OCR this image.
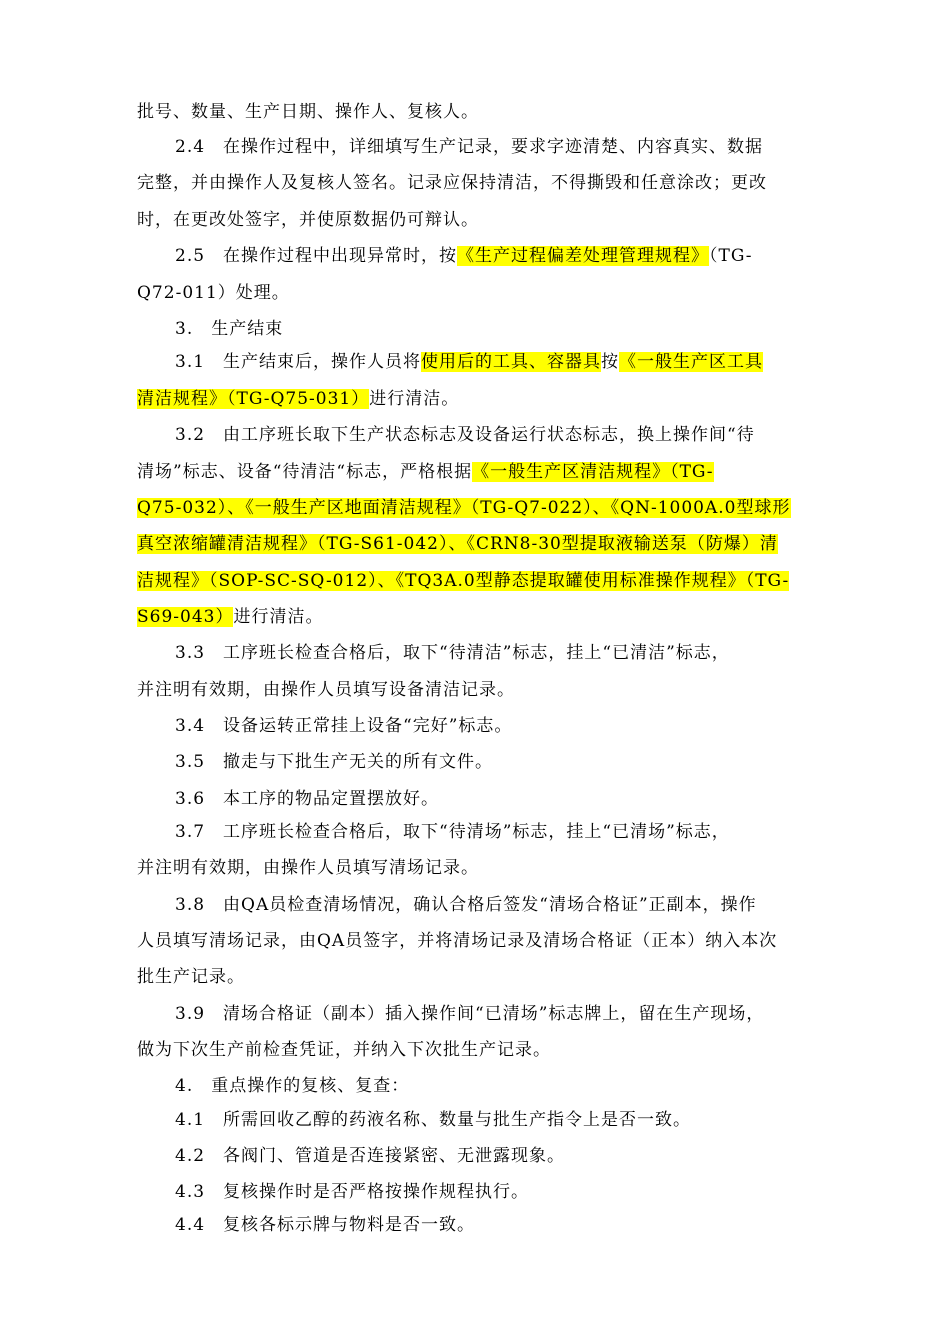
批号、数量、生产日期、操作人、复核人。
2.4　在操作过程中，详细填写生产记录，要求字迹清楚、内容真实、数据
完整，并由操作人及复核人签名。记录应保持清洁，不得撕毁和任意涂改；更改
时，在更改处签字，并使原数据仍可辩认。
2.5　在操作过程中出现异常时，按《生产过程偏差处理管理规程》（TG-
Q72-011）处理。
3.　生产结束
3.1　生产结束后，操作人员将使用后的工具、容器具按《一般生产区工具
清洁规程》（TG-Q75-031）进行清洁。
3.2　由工序班长取下生产状态标志及设备运行状态标志，换上操作间“待
清场”标志、设备“待清洁“标志，严格根据《一般生产区清洁规程》（TG-
Q75-032）、《一般生产区地面清洁规程》（TG-Q7-022）、《QN-1000A.0型球形
真空浓缩罐清洁规程》（TG-S61-042）、《CRN8-30型提取液输送泵（防爆）清
洁规程》（SOP-SC-SQ-012）、《TQ3A.0型静态提取罐使用标准操作规程》（TG-
S69-043）进行清洁。
3.3　工序班长检查合格后，取下“待清洁”标志，挂上“已清洁”标志，
并注明有效期，由操作人员填写设备清洁记录。
3.4　设备运转正常挂上设备“完好”标志。
3.5　撤走与下批生产无关的所有文件。
3.6　本工序的物品定置摆放好。
3.7　工序班长检查合格后，取下“待清场”标志，挂上“已清场”标志，
并注明有效期，由操作人员填写清场记录。
3.8　由QA员检查清场情况，确认合格后签发“清场合格证”正副本，操作
人员填写清场记录，由QA员签字，并将清场记录及清场合格证（正本）纳入本次
批生产记录。
3.9　清场合格证（副本）插入操作间“已清场”标志牌上，留在生产现场，
做为下次生产前检查凭证，并纳入下次批生产记录。
4.　重点操作的复核、复查：
4.1　所需回收乙醇的药液名称、数量与批生产指令上是否一致。
4.2　各阀门、管道是否连接紧密、无泄露现象。
4.3　复核操作时是否严格按操作规程执行。
4.4　复核各标示牌与物料是否一致。
